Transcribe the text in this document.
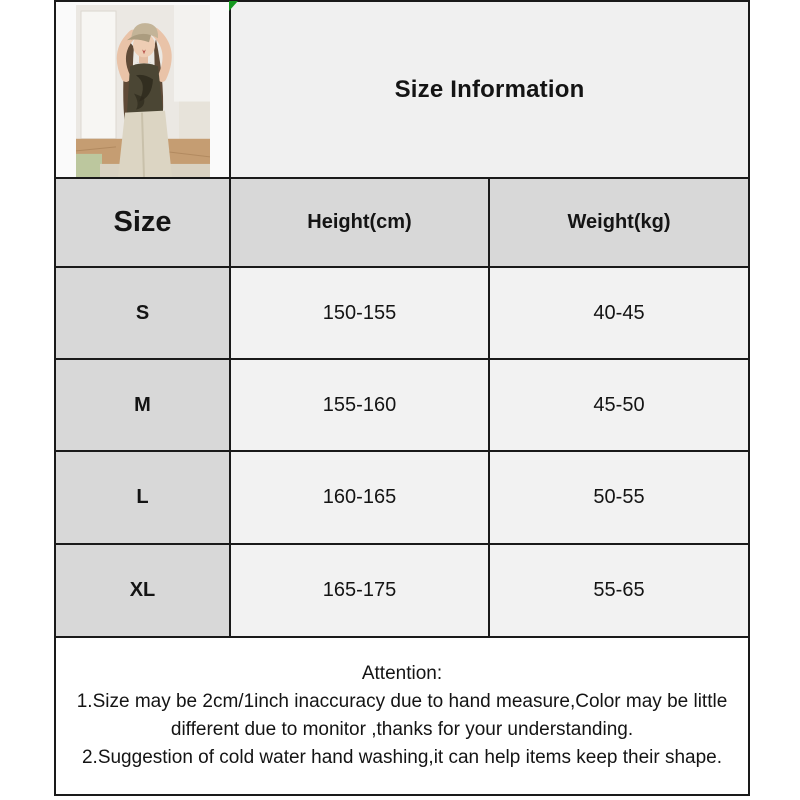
	Size Information	
Size	Height(cm)	Weight(kg)
S	150-155	40-45
M	155-160	45-50
L	160-165	50-55
XL	165-175	55-65

Attention:
1.Size may be 2cm/1inch inaccuracy due to hand measure,Color may be little
different due to monitor ,thanks for your understanding.
2.Suggestion of cold water hand washing,it can help items keep their shape.		
